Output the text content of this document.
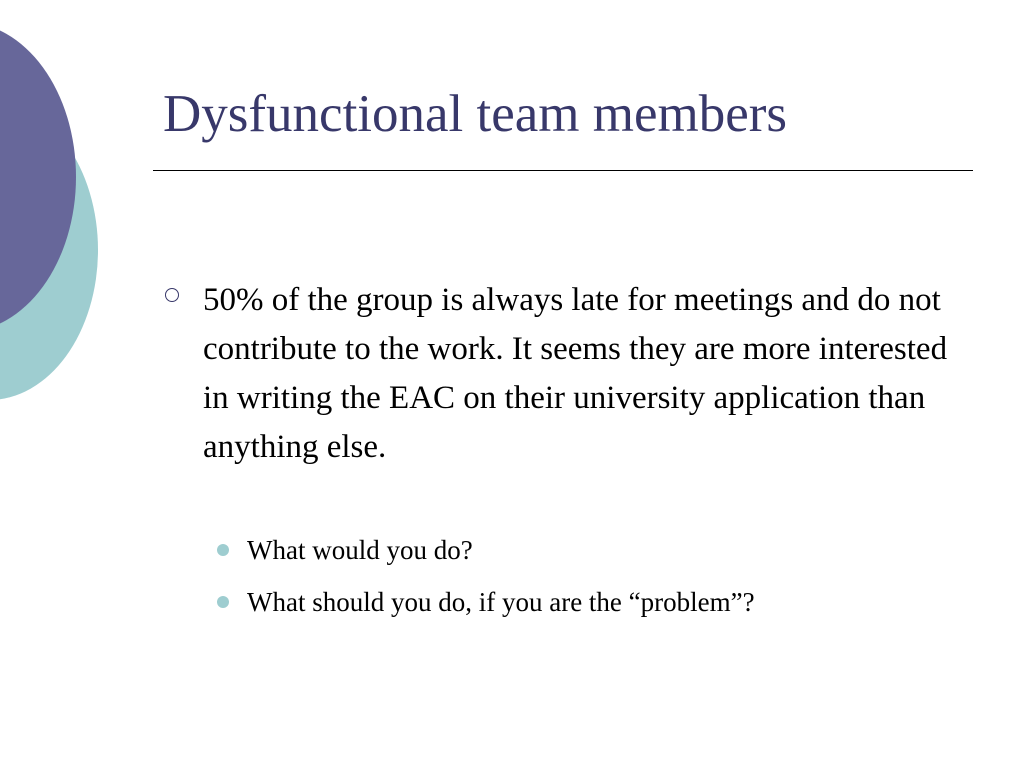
Dysfunctional team members
50% of the group is always late for meetings and do not contribute to the work. It seems they are more interested in writing the EAC on their university application than anything else.
What would you do?
What should you do, if you are the “problem”?
